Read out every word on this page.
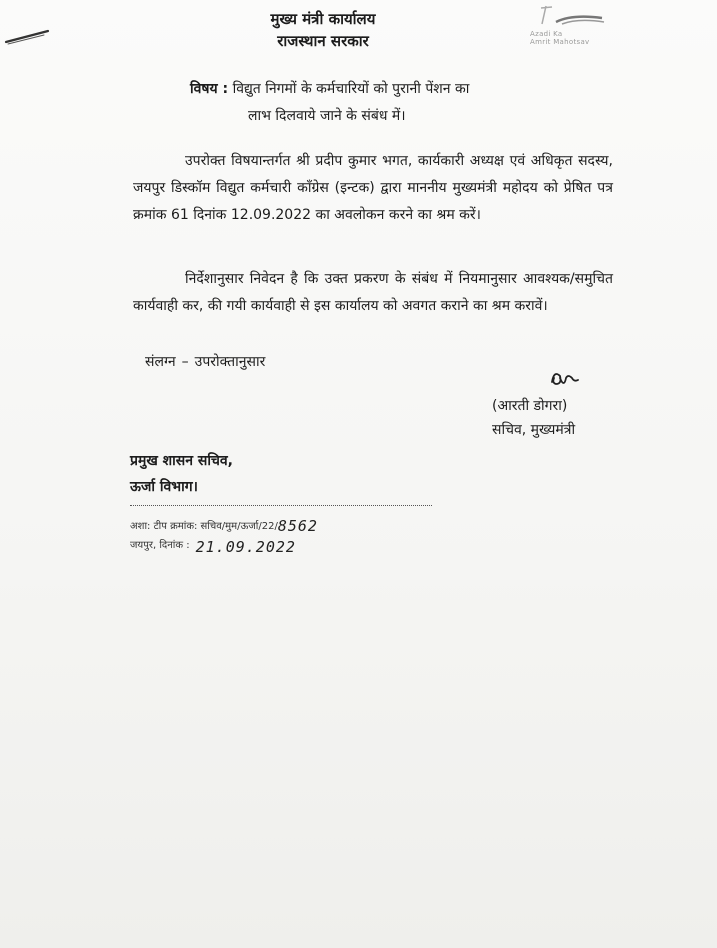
मुख्य मंत्री कार्यालय
राजस्थान सरकार	Azadi Ka
Amrit Mahotsav
विषय : विद्युत निगमों के कर्मचारियों को पुरानी पेंशन का
लाभ दिलवाये जाने के संबंध में।
उपरोक्त विषयान्तर्गत श्री प्रदीप कुमार भगत, कार्यकारी अध्यक्ष एवं अधिकृत सदस्य, जयपुर डिस्कॉम विद्युत कर्मचारी कॉंग्रेस (इन्टक) द्वारा माननीय मुख्यमंत्री महोदय को प्रेषित पत्र क्रमांक 61 दिनांक 12.09.2022 का अवलोकन करने का श्रम करें।
निर्देशानुसार निवेदन है कि उक्त प्रकरण के संबंध में नियमानुसार आवश्यक/समुचित कार्यवाही कर, की गयी कार्यवाही से इस कार्यालय को अवगत कराने का श्रम करावें।
संलग्न – उपरोक्तानुसार
(आरती डोगरा)
सचिव, मुख्यमंत्री
प्रमुख शासन सचिव,
ऊर्जा विभाग।
अशा: टीप क्रमांक: सचिव/मुम/ऊर्जा/22/8562
जयपुर, दिनांक : 21.09.2022
